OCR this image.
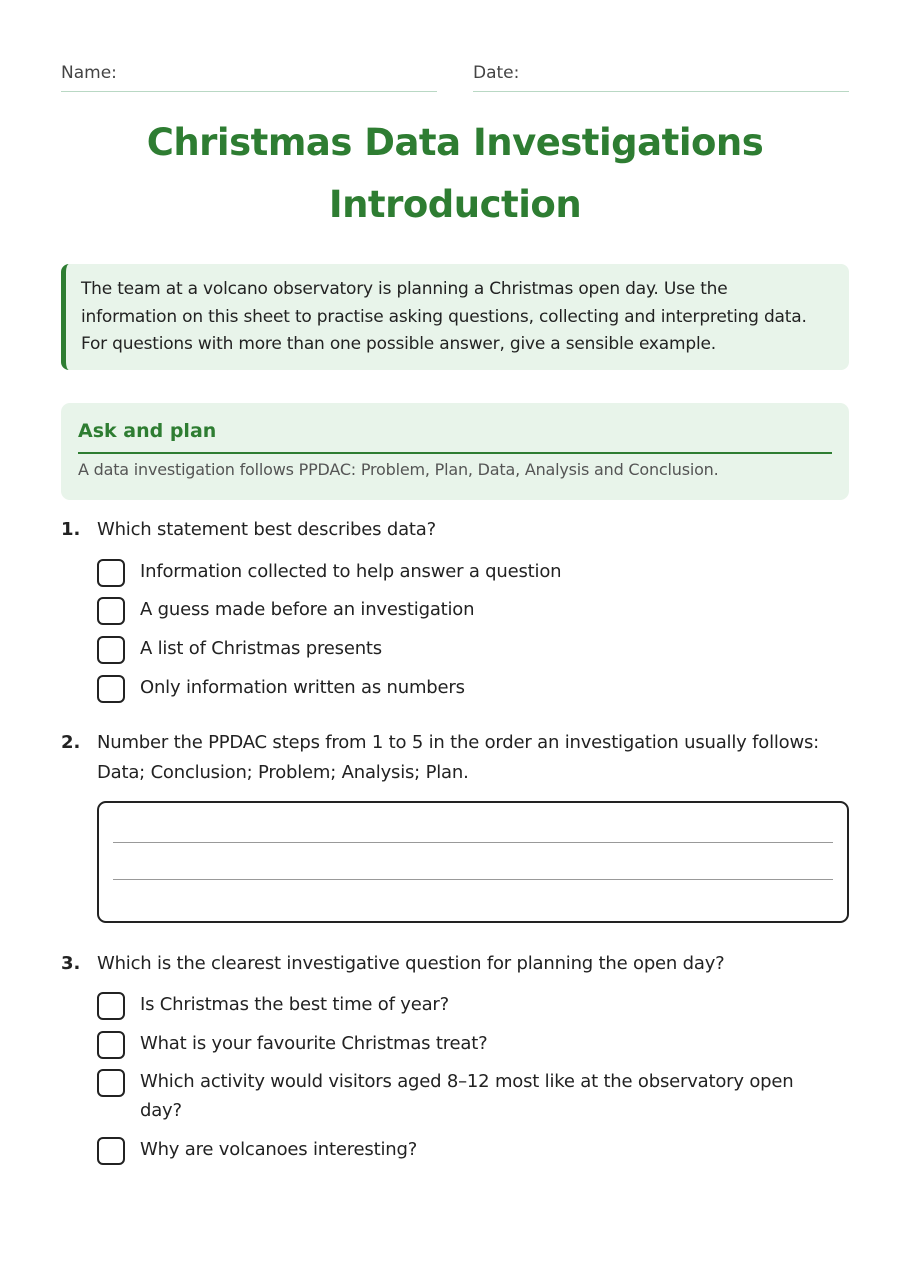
Name:	Date:
Christmas Data Investigations
Introduction
The team at a volcano observatory is planning a Christmas open day. Use the
information on this sheet to practise asking questions, collecting and interpreting data.
For questions with more than one possible answer, give a sensible example.
Ask and plan
A data investigation follows PPDAC: Problem, Plan, Data, Analysis and Conclusion.
1. Which statement best describes data?
Information collected to help answer a question
A guess made before an investigation
A list of Christmas presents
Only information written as numbers
2. Number the PPDAC steps from 1 to 5 in the order an investigation usually follows:
Data; Conclusion; Problem; Analysis; Plan.
3. Which is the clearest investigative question for planning the open day?
Is Christmas the best time of year?
What is your favourite Christmas treat?
Which activity would visitors aged 8–12 most like at the observatory open day?
Why are volcanoes interesting?
